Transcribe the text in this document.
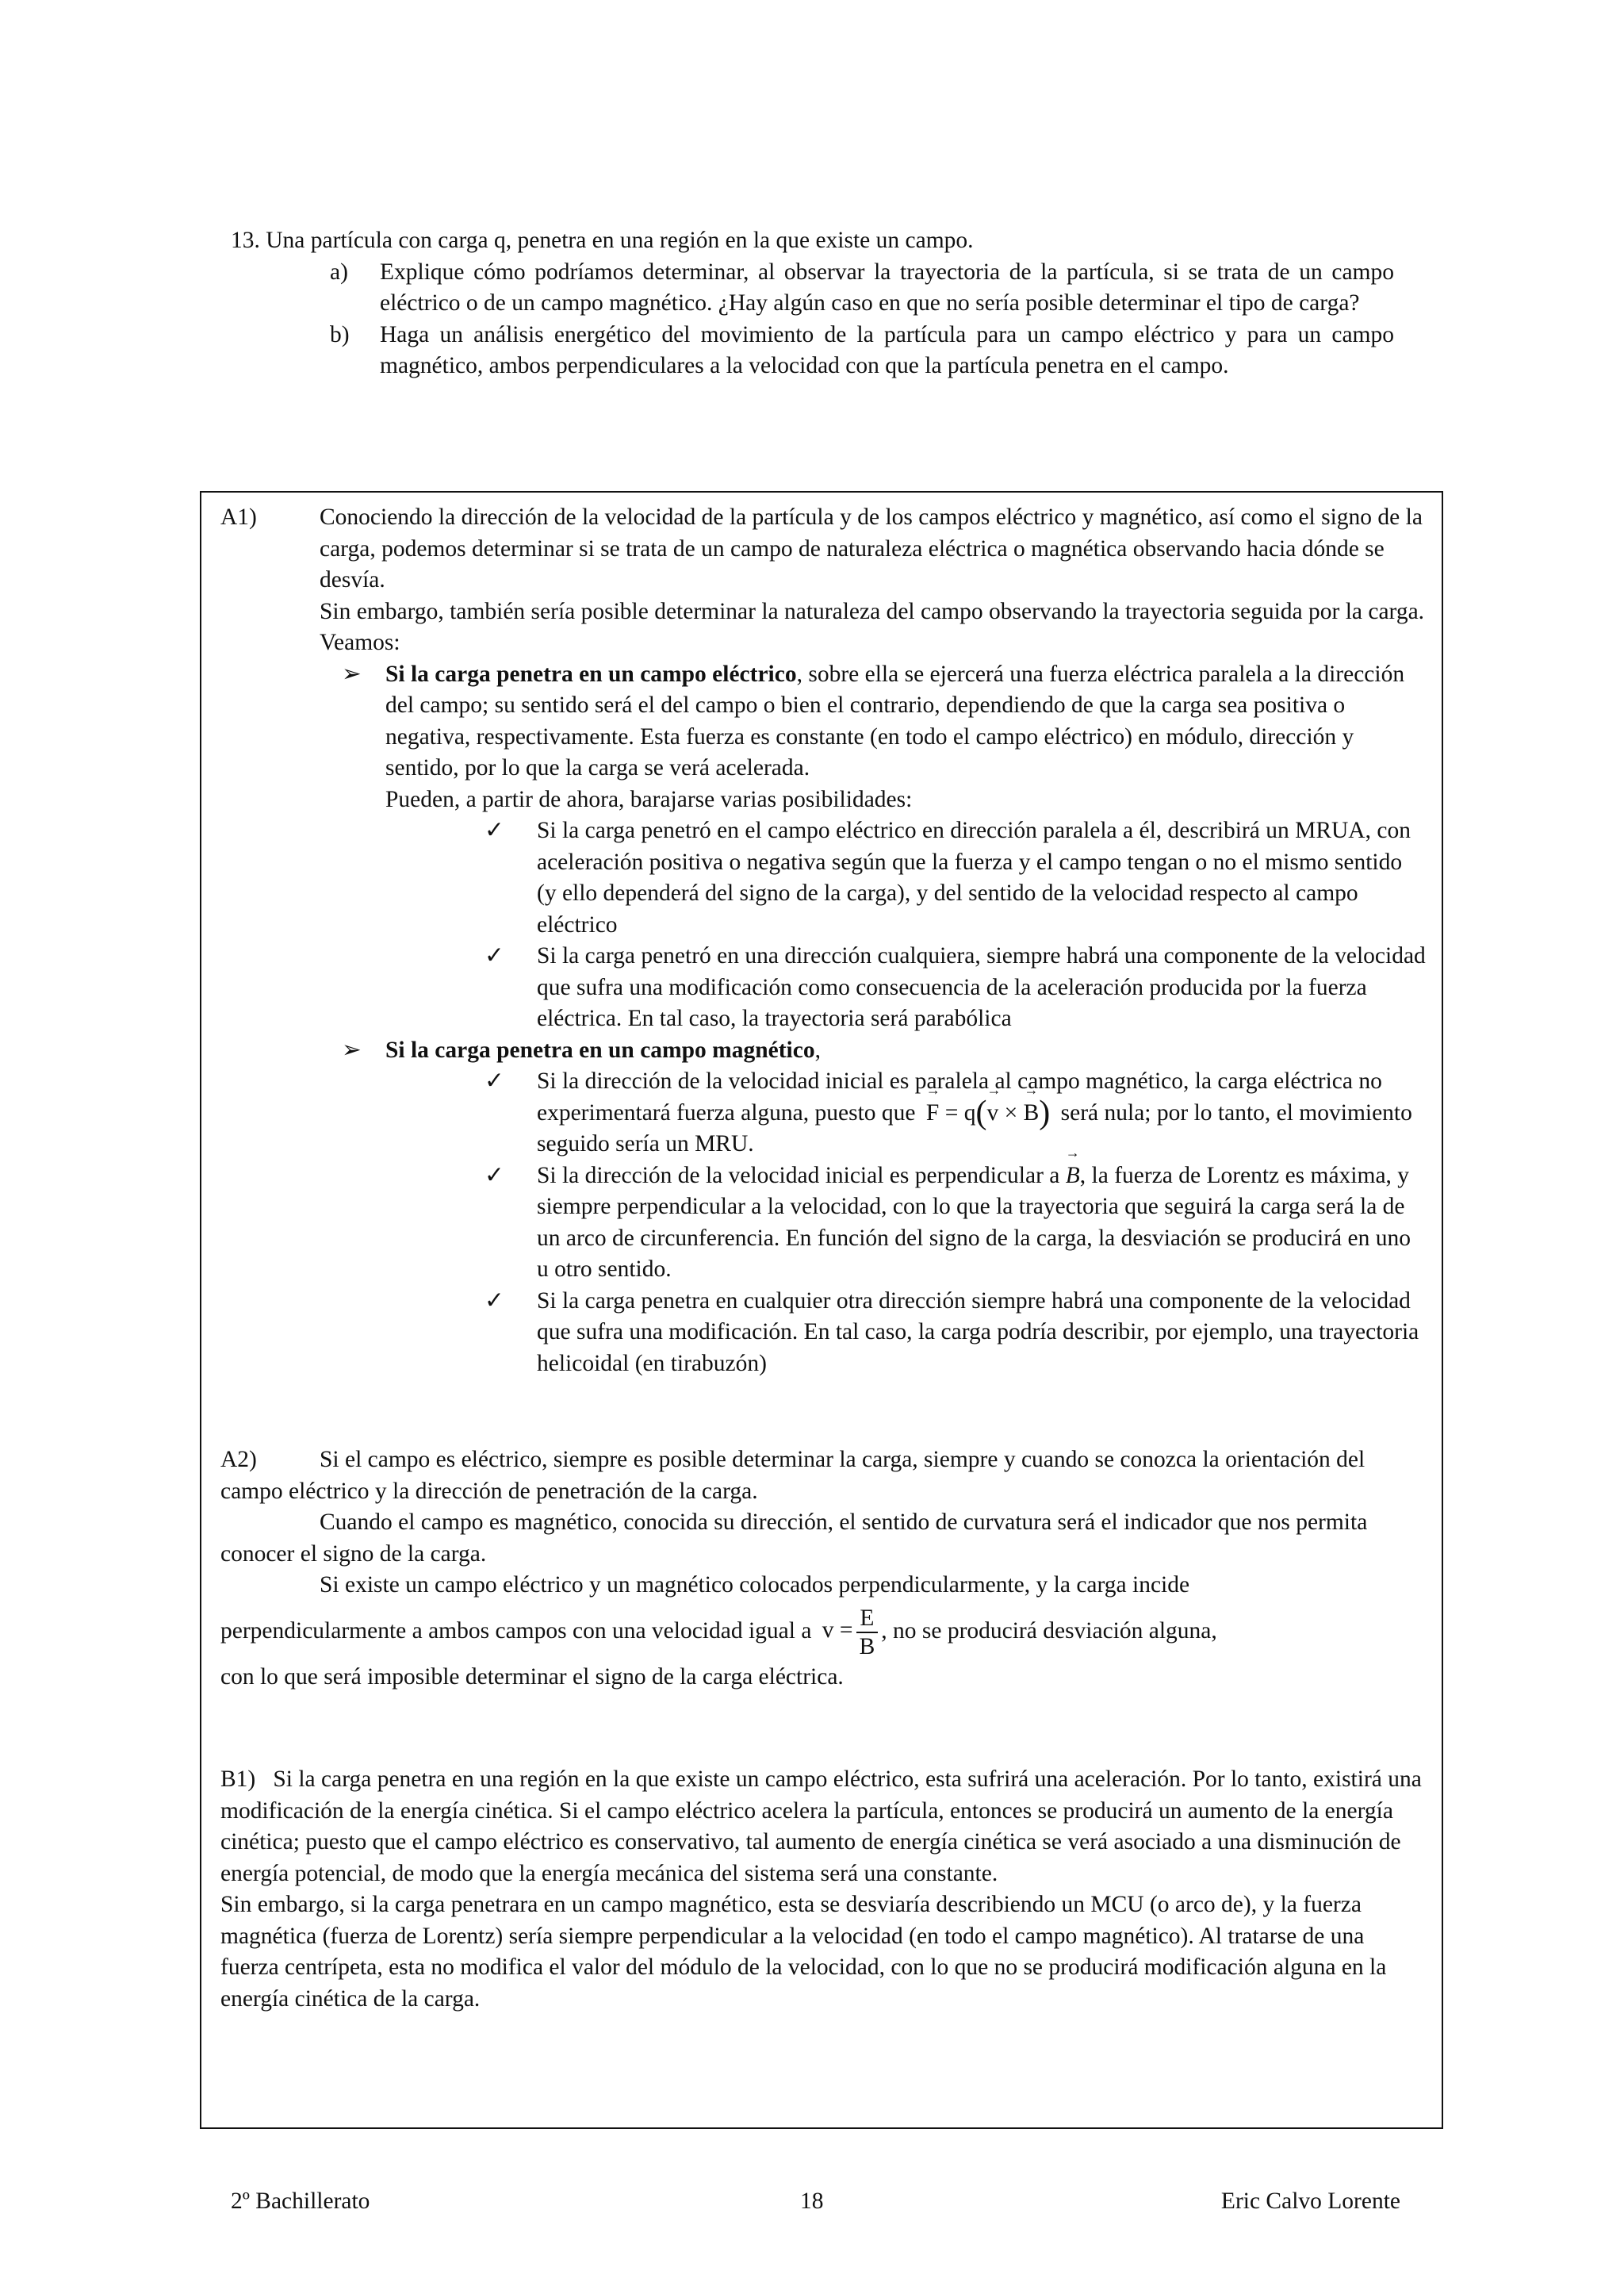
13. Una partícula con carga q, penetra en una región en la que existe un campo.

a)	Explique cómo podríamos determinar, al observar la trayectoria de la partícula, si se trata de un campo eléctrico o de un campo magnético. ¿Hay algún caso en que no sería posible determinar el tipo de carga?
b)	Haga un análisis energético del movimiento de la partícula para un campo eléctrico y para un campo magnético, ambos perpendiculares a la velocidad con que la partícula penetra en el campo.
A1)	Conociendo la dirección de la velocidad de la partícula y de los campos eléctrico y magnético, así como el signo de la carga, podemos determinar si se trata de un campo de naturaleza eléctrica o magnética observando hacia dónde se desvía.
Sin embargo, también sería posible determinar la naturaleza del campo observando la trayectoria seguida por la carga. Veamos:
➢	Si la carga penetra en un campo eléctrico, sobre ella se ejercerá una fuerza eléctrica paralela a la dirección del campo; su sentido será el del campo o bien el contrario, dependiendo de que la carga sea positiva o negativa, respectivamente. Esta fuerza es constante (en todo el campo eléctrico) en módulo, dirección y sentido, por lo que la carga se verá acelerada.
Pueden, a partir de ahora, barajarse varias posibilidades:
✓	Si la carga penetró en el campo eléctrico en dirección paralela a él, describirá un MRUA, con aceleración positiva o negativa según que la fuerza y el campo tengan o no el mismo sentido (y ello dependerá del signo de la carga), y del sentido de la velocidad respecto al campo eléctrico
✓	Si la carga penetró en una dirección cualquiera, siempre habrá una componente de la velocidad que sufra una modificación como consecuencia de la aceleración producida por la fuerza eléctrica. En tal caso, la trayectoria será parabólica
➢	Si la carga penetra en un campo magnético,
✓	Si la dirección de la velocidad inicial es paralela al campo magnético, la carga eléctrica no experimentará fuerza alguna, puesto que → F = q(→ v × → B) será nula; por lo tanto, el movimiento seguido sería un MRU.
✓	Si la dirección de la velocidad inicial es perpendicular a → B, la fuerza de Lorentz es máxima, y siempre perpendicular a la velocidad, con lo que la trayectoria que seguirá la carga será la de un arco de circunferencia. En función del signo de la carga, la desviación se producirá en uno u otro sentido.
✓	Si la carga penetra en cualquier otra dirección siempre habrá una componente de la velocidad que sufra una modificación. En tal caso, la carga podría describir, por ejemplo, una trayectoria helicoidal (en tirabuzón)

A2)	Si el campo es eléctrico, siempre es posible determinar la carga, siempre y cuando se conozca la orientación del campo eléctrico y la dirección de penetración de la carga.

Cuando el campo es magnético, conocida su dirección, el sentido de curvatura será el indicador que nos permita conocer el signo de la carga.

Si existe un campo eléctrico y un magnético colocados perpendicularmente, y la carga incide

perpendicularmente a ambos campos con una velocidad igual a $v = \frac{E}{B}$ , no se producirá desviación alguna,

con lo que será imposible determinar el signo de la carga eléctrica.

B1) Si la carga penetra en una región en la que existe un campo eléctrico, esta sufrirá una aceleración. Por lo tanto, existirá una modificación de la energía cinética. Si el campo eléctrico acelera la partícula, entonces se producirá un aumento de la energía cinética; puesto que el campo eléctrico es conservativo, tal aumento de energía cinética se verá asociado a una disminución de energía potencial, de modo que la energía mecánica del sistema será una constante.

Sin embargo, si la carga penetrara en un campo magnético, esta se desviaría describiendo un MCU (o arco de), y la fuerza magnética (fuerza de Lorentz) sería siempre perpendicular a la velocidad (en todo el campo magnético). Al tratarse de una fuerza centrípeta, esta no modifica el valor del módulo de la velocidad, con lo que no se producirá modificación alguna en la energía cinética de la carga.

2º Bachillerato	18	Eric Calvo Lorente
